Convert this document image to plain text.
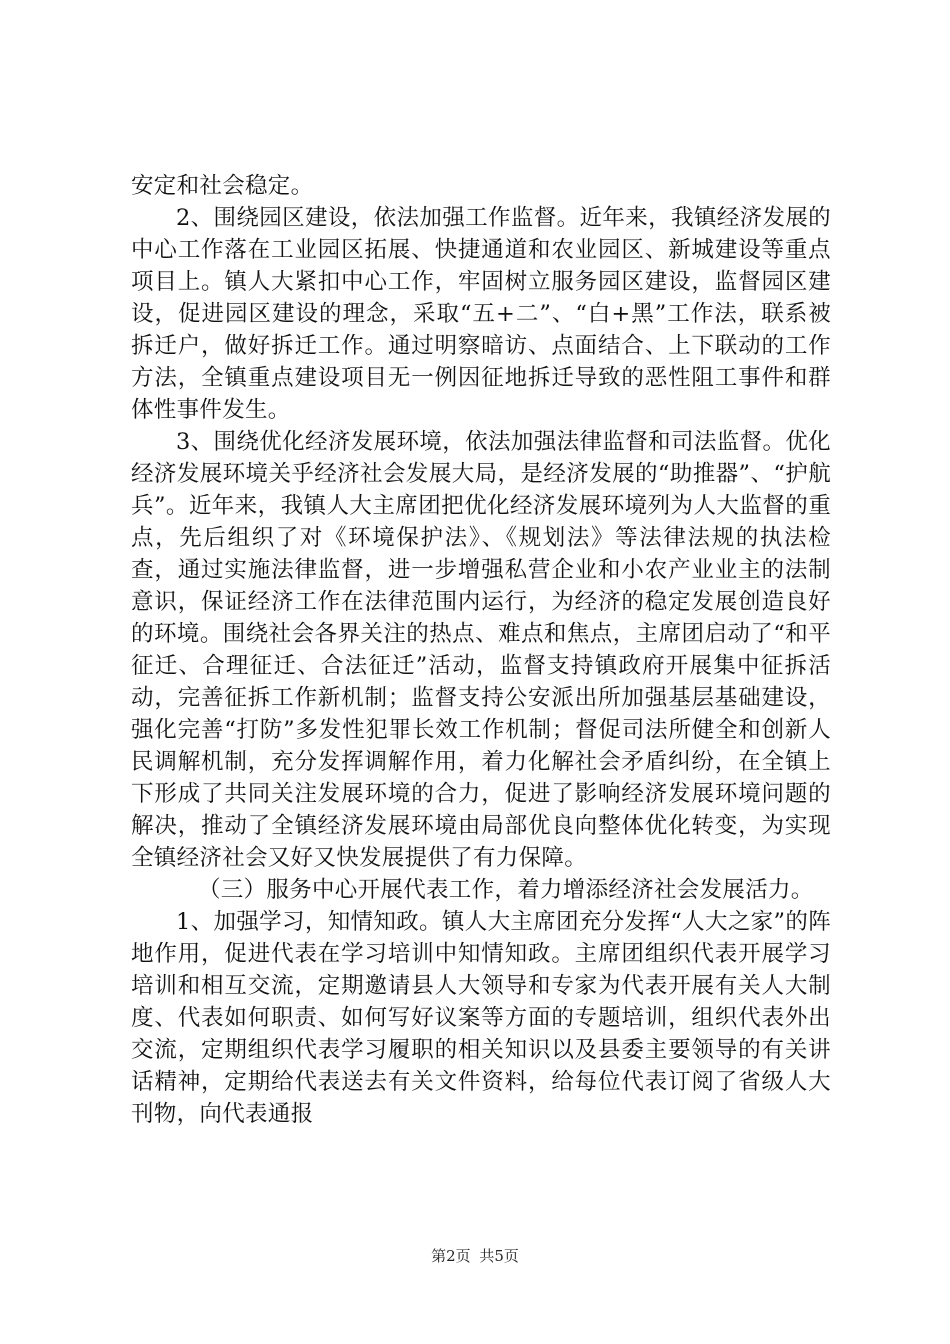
安定和社会稳定。

2、围绕园区建设，依法加强工作监督。近年来，我镇经济发展的中心工作落在工业园区拓展、快捷通道和农业园区、新城建设等重点项目上。镇人大紧扣中心工作，牢固树立服务园区建设，监督园区建设，促进园区建设的理念，采取“五+二”、“白+黑”工作法，联系被拆迁户，做好拆迁工作。通过明察暗访、点面结合、上下联动的工作方法，全镇重点建设项目无一例因征地拆迁导致的恶性阻工事件和群体性事件发生。

3、围绕优化经济发展环境，依法加强法律监督和司法监督。优化经济发展环境关乎经济社会发展大局，是经济发展的“助推器”、“护航兵”。近年来，我镇人大主席团把优化经济发展环境列为人大监督的重点，先后组织了对《环境保护法》、《规划法》等法律法规的执法检查，通过实施法律监督，进一步增强私营企业和小农产业业主的法制意识，保证经济工作在法律范围内运行，为经济的稳定发展创造良好的环境。围绕社会各界关注的热点、难点和焦点，主席团启动了“和平征迁、合理征迁、合法征迁”活动，监督支持镇政府开展集中征拆活动，完善征拆工作新机制；监督支持公安派出所加强基层基础建设，强化完善“打防”多发性犯罪长效工作机制；督促司法所健全和创新人民调解机制，充分发挥调解作用，着力化解社会矛盾纠纷，在全镇上下形成了共同关注发展环境的合力，促进了影响经济发展环境问题的解决，推动了全镇经济发展环境由局部优良向整体优化转变，为实现全镇经济社会又好又快发展提供了有力保障。

（三）服务中心开展代表工作，着力增添经济社会发展活力。

1、加强学习，知情知政。镇人大主席团充分发挥“人大之家”的阵地作用，促进代表在学习培训中知情知政。主席团组织代表开展学习培训和相互交流，定期邀请县人大领导和专家为代表开展有关人大制度、代表如何职责、如何写好议案等方面的专题培训，组织代表外出交流，定期组织代表学习履职的相关知识以及县委主要领导的有关讲话精神，定期给代表送去有关文件资料，给每位代表订阅了省级人大刊物，向代表通报

第2页 共5页
